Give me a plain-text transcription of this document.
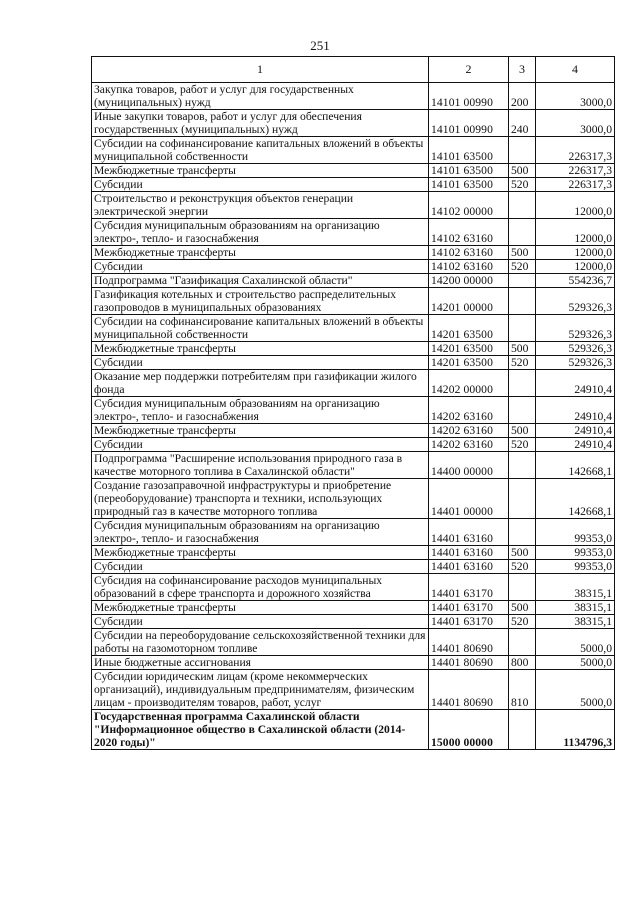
251
1	2	3	4
Закупка товаров, работ и услуг для государственных (муниципальных) нужд	14101 00990	200	3000,0
Иные закупки товаров, работ и услуг для обеспечения государственных (муниципальных) нужд	14101 00990	240	3000,0
Субсидии на софинансирование капитальных вложений в объекты муниципальной собственности	14101 63500		226317,3
Межбюджетные трансферты	14101 63500	500	226317,3
Субсидии	14101 63500	520	226317,3
Строительство и реконструкция объектов генерации электрической энергии	14102 00000		12000,0
Субсидия муниципальным образованиям на организацию электро-, тепло- и газоснабжения	14102 63160		12000,0
Межбюджетные трансферты	14102 63160	500	12000,0
Субсидии	14102 63160	520	12000,0
Подпрограмма "Газификация Сахалинской области"	14200 00000		554236,7
Газификация котельных и строительство распределительных газопроводов в муниципальных образованиях	14201 00000		529326,3
Субсидии на софинансирование капитальных вложений в объекты муниципальной собственности	14201 63500		529326,3
Межбюджетные трансферты	14201 63500	500	529326,3
Субсидии	14201 63500	520	529326,3
Оказание мер поддержки потребителям при газификации жилого фонда	14202 00000		24910,4
Субсидия муниципальным образованиям на организацию электро-, тепло- и газоснабжения	14202 63160		24910,4
Межбюджетные трансферты	14202 63160	500	24910,4
Субсидии	14202 63160	520	24910,4
Подпрограмма "Расширение использования природного газа в качестве моторного топлива в Сахалинской области"	14400 00000		142668,1
Создание газозаправочной инфраструктуры и приобретение (переоборудование) транспорта и техники, использующих природный газ в качестве моторного топлива	14401 00000		142668,1
Субсидия муниципальным образованиям на организацию электро-, тепло- и газоснабжения	14401 63160		99353,0
Межбюджетные трансферты	14401 63160	500	99353,0
Субсидии	14401 63160	520	99353,0
Субсидия на софинансирование расходов муниципальных образований в сфере транспорта и дорожного хозяйства	14401 63170		38315,1
Межбюджетные трансферты	14401 63170	500	38315,1
Субсидии	14401 63170	520	38315,1
Субсидии на переоборудование сельскохозяйственной техники для работы на газомоторном топливе	14401 80690		5000,0
Иные бюджетные ассигнования	14401 80690	800	5000,0
Субсидии юридическим лицам (кроме некоммерческих организаций), индивидуальным предпринимателям, физическим лицам - производителям товаров, работ, услуг	14401 80690	810	5000,0
Государственная программа Сахалинской области "Информационное общество в Сахалинской области (2014-2020 годы)"	15000 00000		1134796,3
